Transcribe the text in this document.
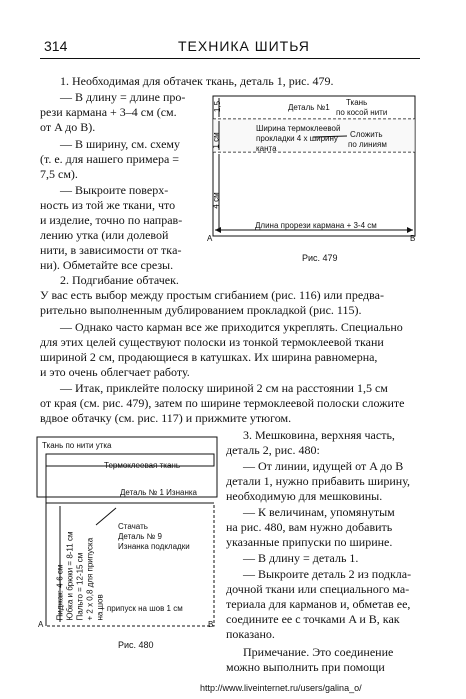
314	ТЕХНИКА ШИТЬЯ
1. Необходимая для обтачек ткань, деталь 1, рис. 479.
— В длину = длине про-
рези кармана + 3–4 см (см.
от A до B).
— В ширину, см. схему
(т. е. для нашего примера =
7,5 см).
— Выкроите поверх-
ность из той же ткани, что
и изделие, точно по направ-
лению утка (или долевой
нити, в зависимости от ткa-
ни). Обметайте все срезы.
2. Подгибание обтачек.
Деталь №1
Ткань
по косой нити
Ширина термоклеевой
прокладки 4 х ширину
канта
Сложить
по линиям
1,5
1 см
4 см
A	B
Длина прорези кармана + 3-4 см
Рис. 479
У вас есть выбор между простым сгибанием (рис. 116) или предва-
рительно выполненным дублированием прокладкой (рис. 115).
— Однако часто карман все же приходится укреплять. Специально
для этих целей существуют полоски из тонкой термоклеевой ткани
шириной 2 см, продающиеся в катушках. Их ширина равномерна,
и это очень облегчает работу.
— Итак, приклейте полоску шириной 2 см на расстоянии 1,5 см
от края (см. рис. 479), затем по ширине термоклеевой полоски сложите
вдвое обтачку (см. рис. 117) и прижмите утюгом.
3. Мешковина, верхняя часть,
деталь 2, рис. 480:
— От линии, идущей от A до B
детали 1, нужно прибавить ширину,
необходимую для мешковины.
— К величинам, упомянутым
на рис. 480, вам нужно добавить
указанные припуски по ширине.
— В длину = деталь 1.
— Выкроите деталь 2 из подкла-
дочной ткани или специального ма-
териала для карманов и, обметав ее,
соедините ее с точками A и B, как
показано.
Примечание. Это соединение
можно выполнить при помощи
Ткань по нити утка
Термоклеевая ткань
Деталь № 1 Изнанка
Стачать
Деталь № 9
Изнанка подкладки
+ припуск на шов 1 см
Пиджак: 4-6 см Юбка и брюки = 8-11 см Пальто = 12-15 см + 2 х 0,8 для припуска на шов
A	B
Рис. 480
http://www.liveinternet.ru/users/galina_o/
